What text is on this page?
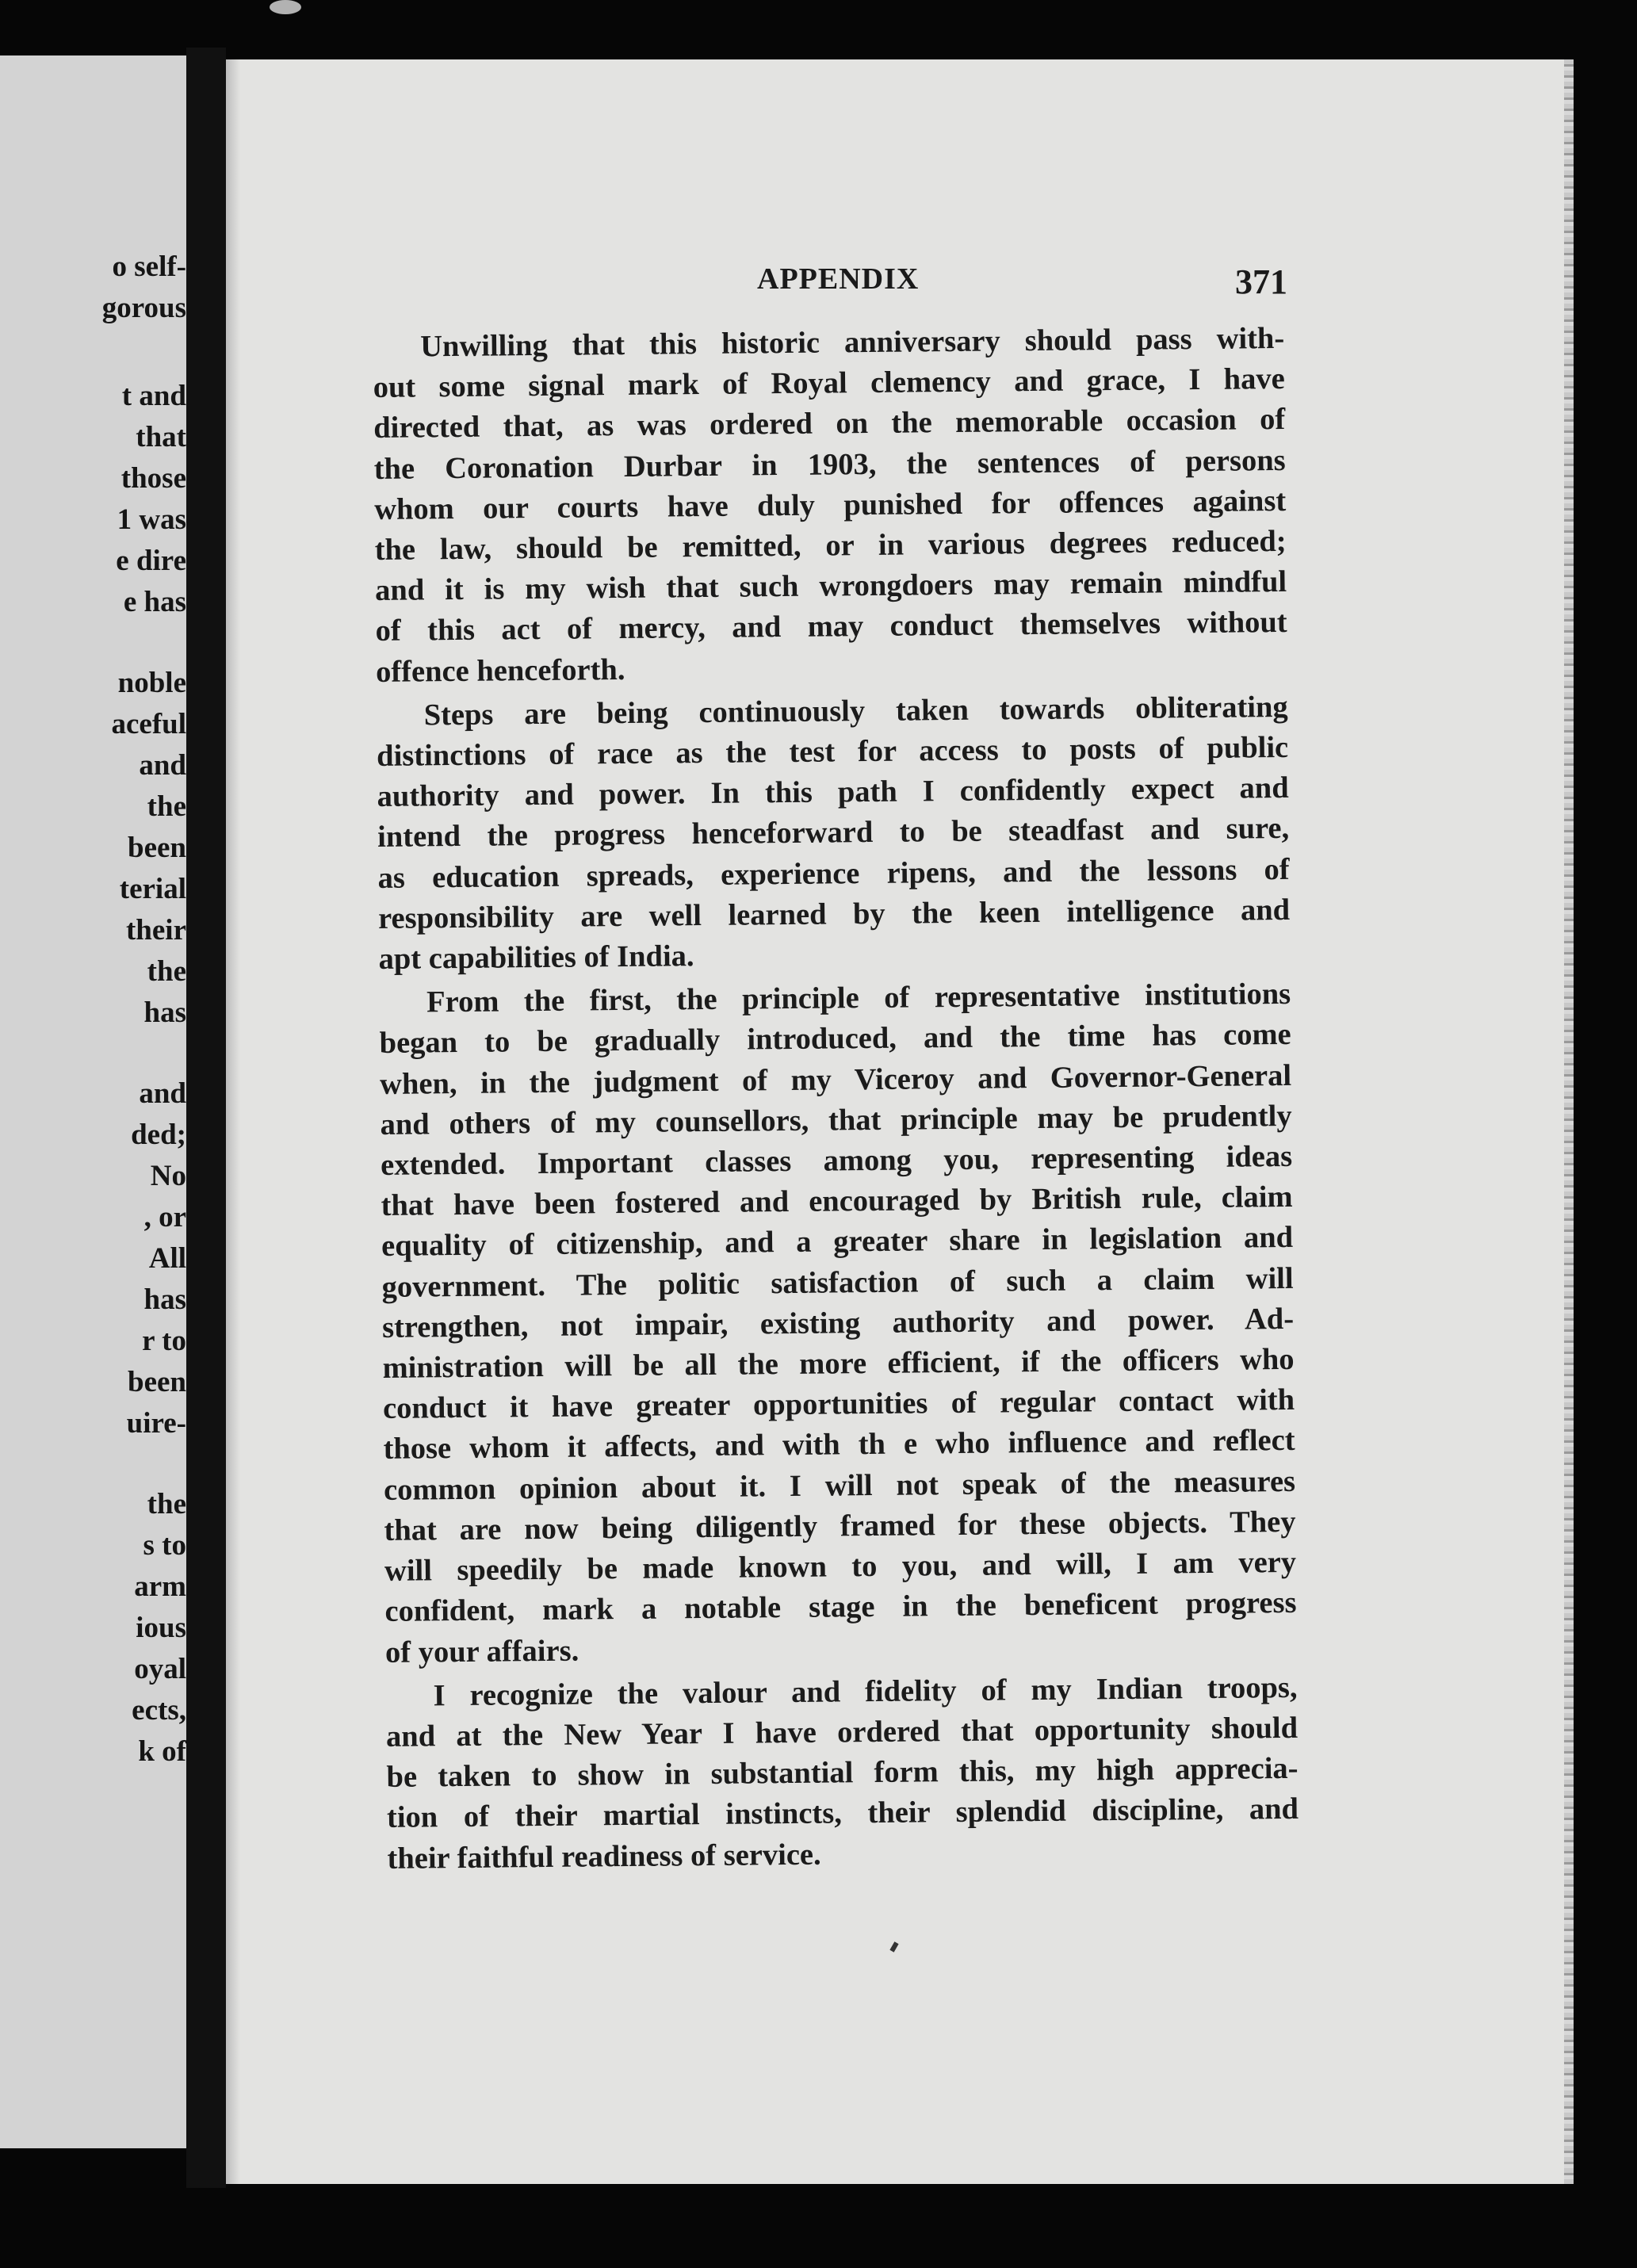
o self-
gorous
t and
that
those
1 was
e dire
e has
noble
aceful
and
the
been
terial
their
the
has
and
ded;
No
, or
All
has
r to
been
uire-
the
s to
arm
ious
oyal
ects,
k of
APPENDIX	371
Unwilling that this historic anniversary should pass with-
out some signal mark of Royal clemency and grace, I have
directed that, as was ordered on the memorable occasion of
the Coronation Durbar in 1903, the sentences of persons
whom our courts have duly punished for offences against
the law, should be remitted, or in various degrees reduced;
and it is my wish that such wrongdoers may remain mindful
of this act of mercy, and may conduct themselves without
offence henceforth.
Steps are being continuously taken towards obliterating
distinctions of race as the test for access to posts of public
authority and power. In this path I confidently expect and
intend the progress henceforward to be steadfast and sure,
as education spreads, experience ripens, and the lessons of
responsibility are well learned by the keen intelligence and
apt capabilities of India.
From the first, the principle of representative institutions
began to be gradually introduced, and the time has come
when, in the judgment of my Viceroy and Governor-General
and others of my counsellors, that principle may be prudently
extended. Important classes among you, representing ideas
that have been fostered and encouraged by British rule, claim
equality of citizenship, and a greater share in legislation and
government. The politic satisfaction of such a claim will
strengthen, not impair, existing authority and power. Ad-
ministration will be all the more efficient, if the officers who
conduct it have greater opportunities of regular contact with
those whom it affects, and with th e who influence and reflect
common opinion about it. I will not speak of the measures
that are now being diligently framed for these objects. They
will speedily be made known to you, and will, I am very
confident, mark a notable stage in the beneficent progress
of your affairs.
I recognize the valour and fidelity of my Indian troops,
and at the New Year I have ordered that opportunity should
be taken to show in substantial form this, my high apprecia-
tion of their martial instincts, their splendid discipline, and
their faithful readiness of service.
